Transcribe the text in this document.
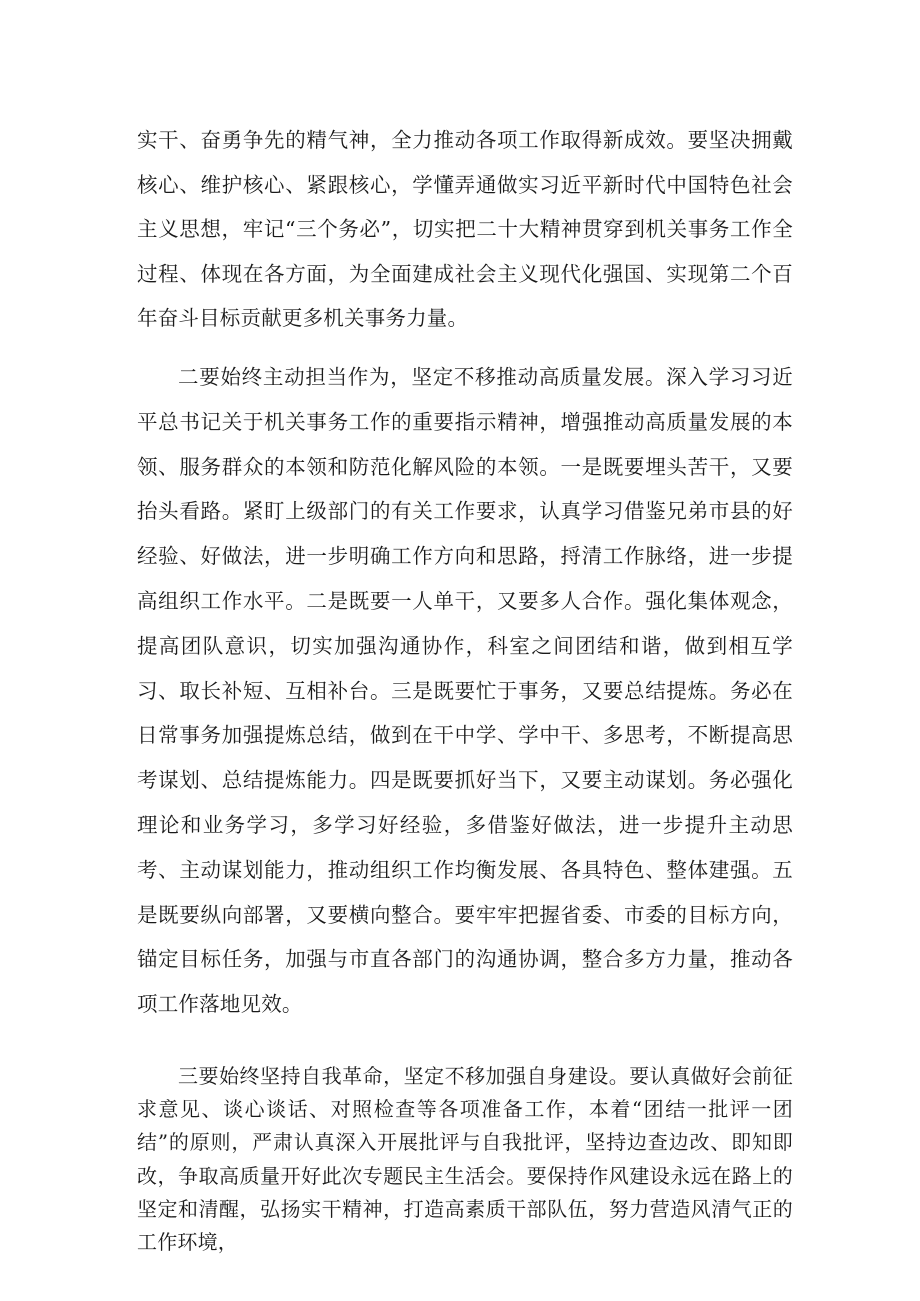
实干、奋勇争先的精气神，全力推动各项工作取得新成效。要坚决拥戴核心、维护核心、紧跟核心，学懂弄通做实习近平新时代中国特色社会主义思想，牢记“三个务必”，切实把二十大精神贯穿到机关事务工作全过程、体现在各方面，为全面建成社会主义现代化强国、实现第二个百年奋斗目标贡献更多机关事务力量。

二要始终主动担当作为，坚定不移推动高质量发展。深入学习习近平总书记关于机关事务工作的重要指示精神，增强推动高质量发展的本领、服务群众的本领和防范化解风险的本领。一是既要埋头苦干，又要抬头看路。紧盯上级部门的有关工作要求，认真学习借鉴兄弟市县的好经验、好做法，进一步明确工作方向和思路，捋清工作脉络，进一步提高组织工作水平。二是既要一人单干，又要多人合作。强化集体观念，提高团队意识，切实加强沟通协作，科室之间团结和谐，做到相互学习、取长补短、互相补台。三是既要忙于事务，又要总结提炼。务必在日常事务加强提炼总结，做到在干中学、学中干、多思考，不断提高思考谋划、总结提炼能力。四是既要抓好当下，又要主动谋划。务必强化理论和业务学习，多学习好经验，多借鉴好做法，进一步提升主动思考、主动谋划能力，推动组织工作均衡发展、各具特色、整体建强。五是既要纵向部署，又要横向整合。要牢牢把握省委、市委的目标方向，锚定目标任务，加强与市直各部门的沟通协调，整合多方力量，推动各项工作落地见效。

三要始终坚持自我革命，坚定不移加强自身建设。要认真做好会前征求意见、谈心谈话、对照检查等各项准备工作，本着“团结一批评一团结”的原则，严肃认真深入开展批评与自我批评，坚持边查边改、即知即改，争取高质量开好此次专题民主生活会。要保持作风建设永远在路上的坚定和清醒，弘扬实干精神，打造高素质干部队伍，努力营造风清气正的工作环境，
